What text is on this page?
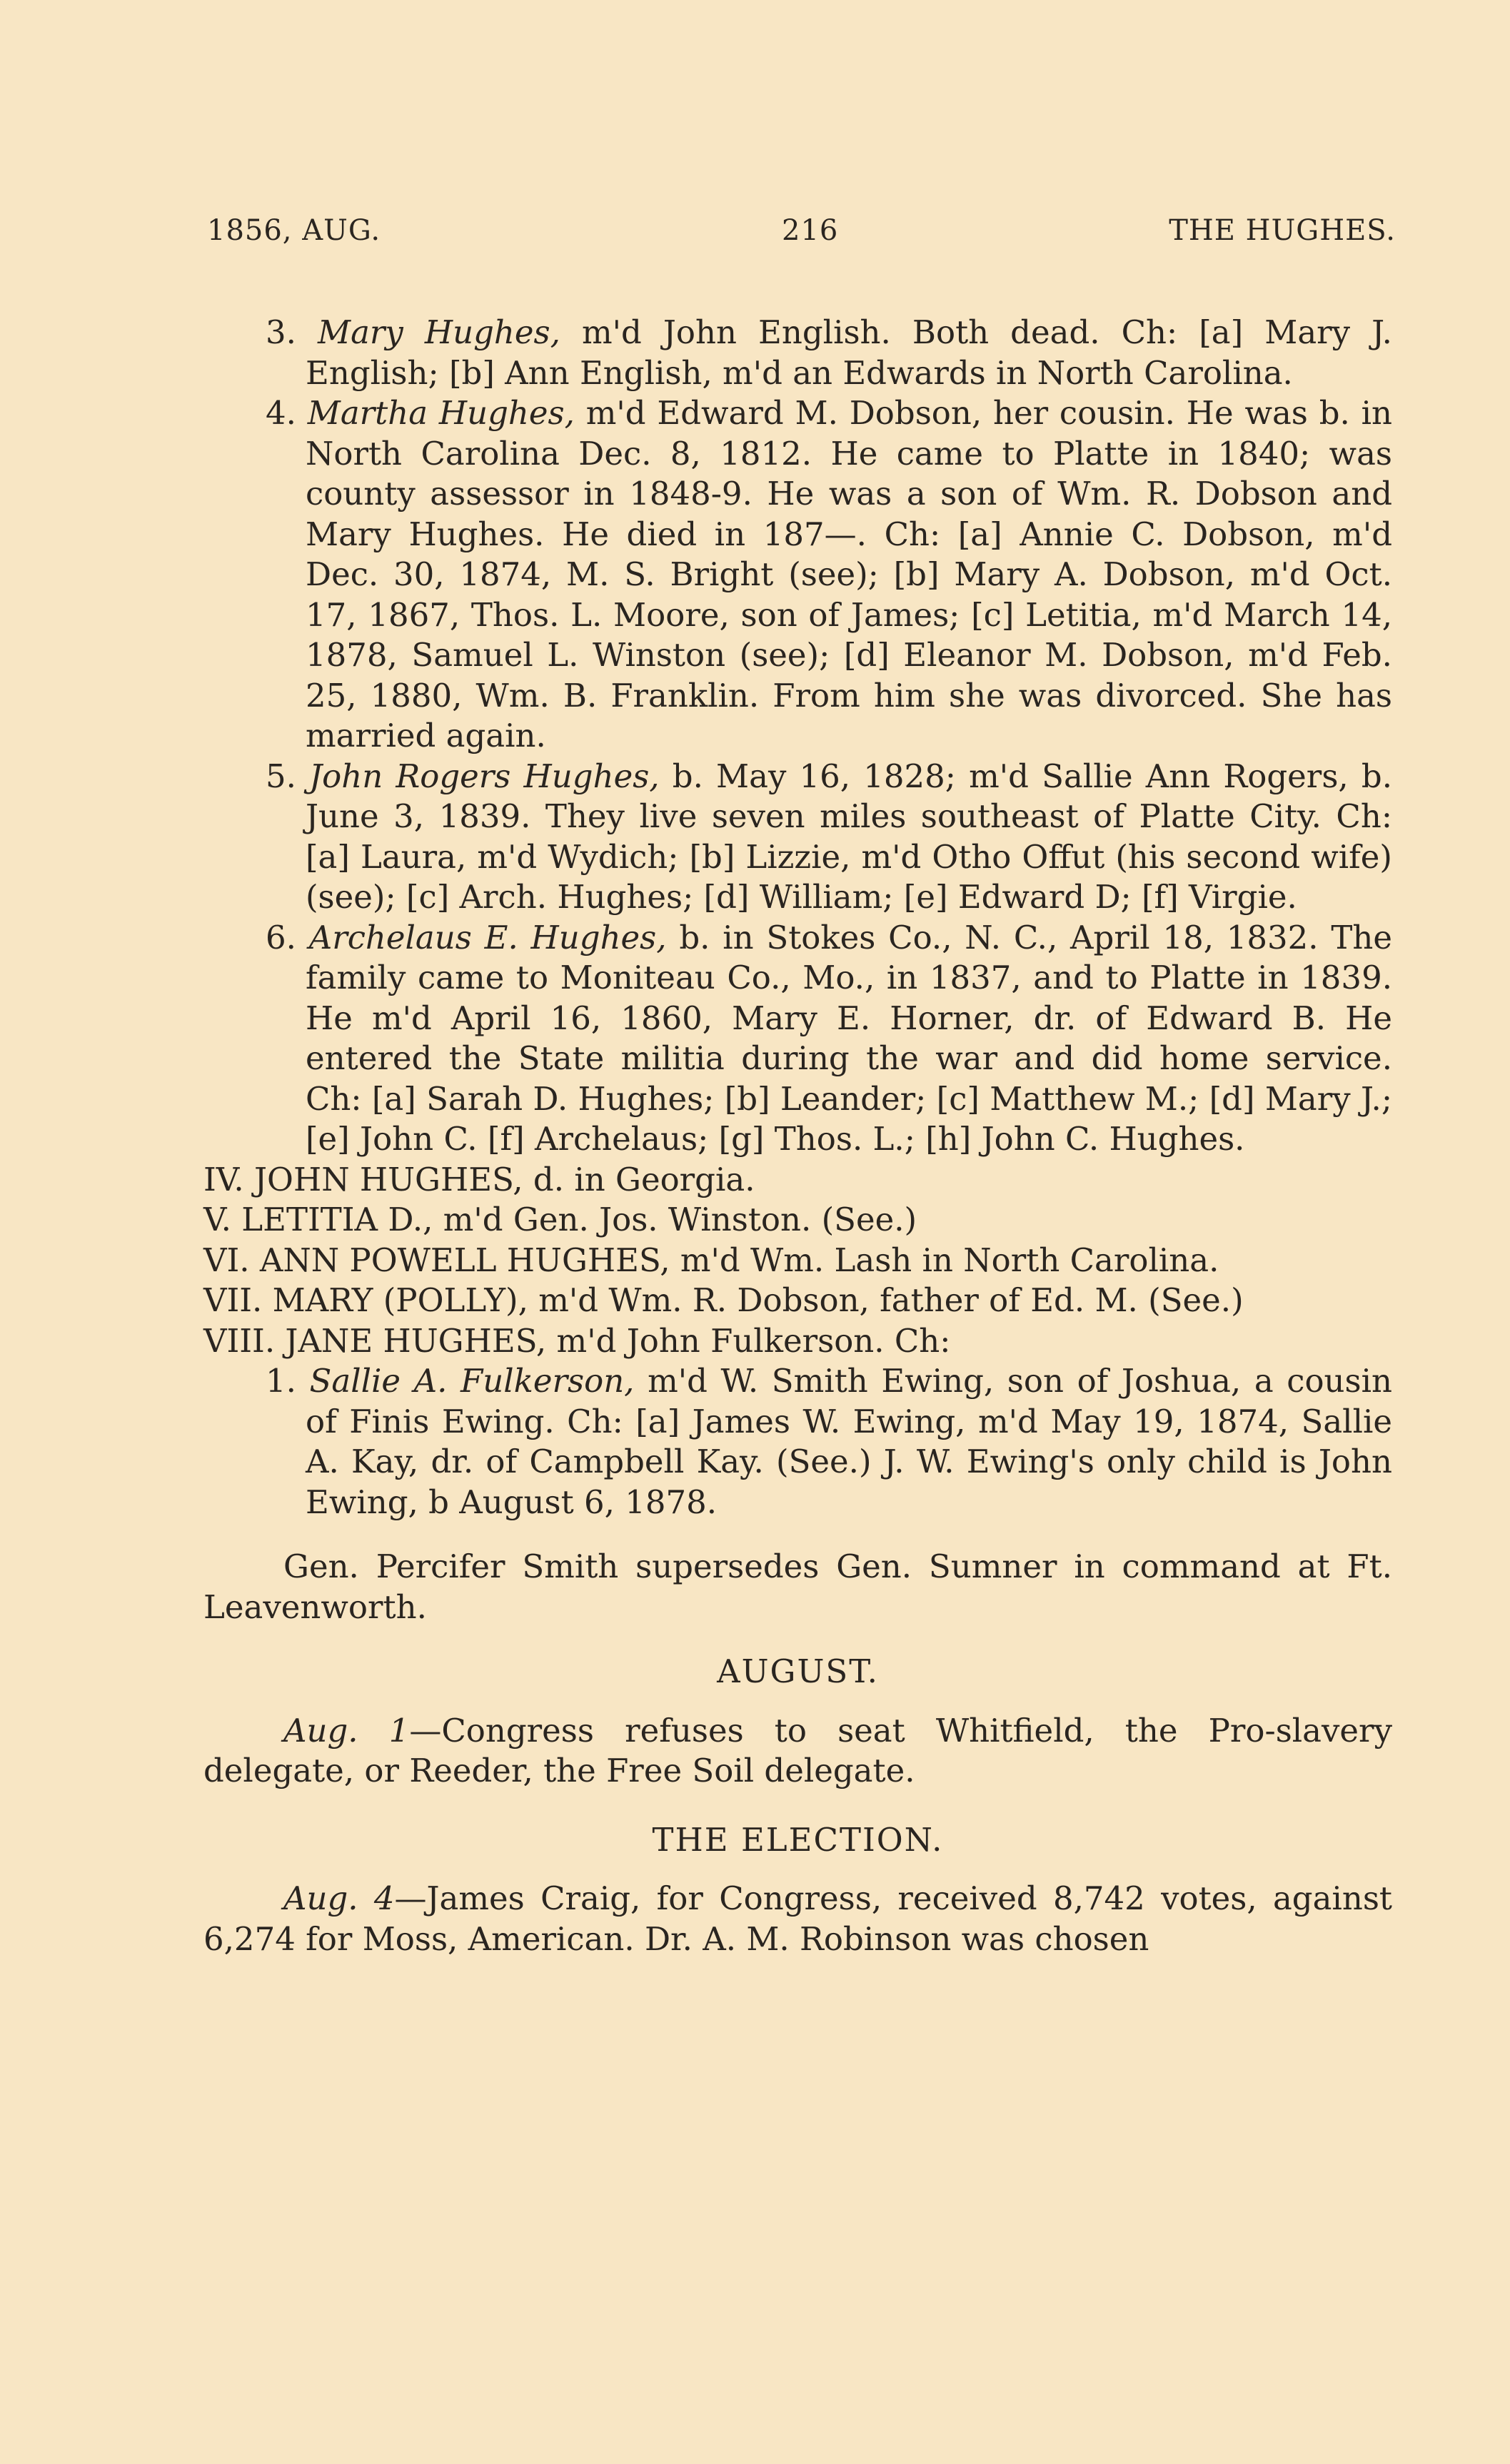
1856, AUG.	216	THE HUGHES.

3. Mary Hughes, m'd John English. Both dead. Ch: [a] Mary J. English; [b] Ann English, m'd an Edwards in North Carolina.

4. Martha Hughes, m'd Edward M. Dobson, her cousin. He was b. in North Carolina Dec. 8, 1812. He came to Platte in 1840; was county assessor in 1848-9. He was a son of Wm. R. Dobson and Mary Hughes. He died in 187—. Ch: [a] Annie C. Dobson, m'd Dec. 30, 1874, M. S. Bright (see); [b] Mary A. Dobson, m'd Oct. 17, 1867, Thos. L. Moore, son of James; [c] Letitia, m'd March 14, 1878, Samuel L. Winston (see); [d] Eleanor M. Dobson, m'd Feb. 25, 1880, Wm. B. Franklin. From him she was divorced. She has married again.

5. John Rogers Hughes, b. May 16, 1828; m'd Sallie Ann Rogers, b. June 3, 1839. They live seven miles southeast of Platte City. Ch: [a] Laura, m'd Wydich; [b] Lizzie, m'd Otho Offut (his second wife) (see); [c] Arch. Hughes; [d] William; [e] Edward D; [f] Virgie.

6. Archelaus E. Hughes, b. in Stokes Co., N. C., April 18, 1832. The family came to Moniteau Co., Mo., in 1837, and to Platte in 1839. He m'd April 16, 1860, Mary E. Horner, dr. of Edward B. He entered the State militia during the war and did home service. Ch: [a] Sarah D. Hughes; [b] Leander; [c] Matthew M.; [d] Mary J.; [e] John C. [f] Archelaus; [g] Thos. L.; [h] John C. Hughes.

IV. JOHN HUGHES, d. in Georgia.

V. LETITIA D., m'd Gen. Jos. Winston. (See.)

VI. ANN POWELL HUGHES, m'd Wm. Lash in North Carolina.

VII. MARY (POLLY), m'd Wm. R. Dobson, father of Ed. M. (See.)

VIII. JANE HUGHES, m'd John Fulkerson. Ch:

1. Sallie A. Fulkerson, m'd W. Smith Ewing, son of Joshua, a cousin of Finis Ewing. Ch: [a] James W. Ewing, m'd May 19, 1874, Sallie A. Kay, dr. of Campbell Kay. (See.) J. W. Ewing's only child is John Ewing, b August 6, 1878.

Gen. Percifer Smith supersedes Gen. Sumner in command at Ft. Leavenworth.

AUGUST.

Aug. 1—Congress refuses to seat Whitfield, the Pro-slavery delegate, or Reeder, the Free Soil delegate.

THE ELECTION.

Aug. 4—James Craig, for Congress, received 8,742 votes, against 6,274 for Moss, American. Dr. A. M. Robinson was chosen
